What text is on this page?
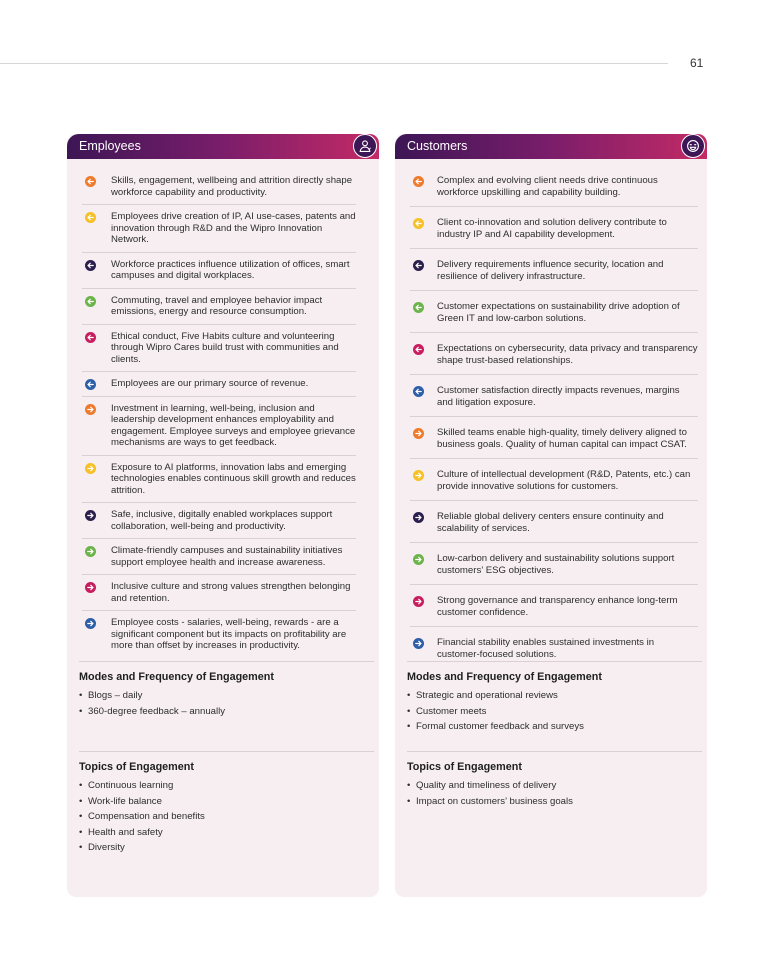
61
Employees
Skills, engagement, wellbeing and attrition directly shape workforce capability and productivity.
Employees drive creation of IP, AI use-cases, patents and innovation through R&D and the Wipro Innovation Network.
Workforce practices influence utilization of offices, smart campuses and digital workplaces.
Commuting, travel and employee behavior impact emissions, energy and resource consumption.
Ethical conduct, Five Habits culture and volunteering through Wipro Cares build trust with communities and clients.
Employees are our primary source of revenue.
Investment in learning, well-being, inclusion and leadership development enhances employability and engagement. Employee surveys and employee grievance mechanisms are ways to get feedback.
Exposure to AI platforms, innovation labs and emerging technologies enables continuous skill growth and reduces attrition.
Safe, inclusive, digitally enabled workplaces support collaboration, well-being and productivity.
Climate-friendly campuses and sustainability initiatives support employee health and increase awareness.
Inclusive culture and strong values strengthen belonging and retention.
Employee costs - salaries, well-being, rewards - are a significant component but its impacts on profitability are more than offset by increases in productivity.
Modes and Frequency of Engagement
• Blogs – daily
• 360-degree feedback – annually
Topics of Engagement
• Continuous learning
• Work-life balance
• Compensation and benefits
• Health and safety
• Diversity
Customers
Complex and evolving client needs drive continuous workforce upskilling and capability building.
Client co-innovation and solution delivery contribute to industry IP and AI capability development.
Delivery requirements influence security, location and resilience of delivery infrastructure.
Customer expectations on sustainability drive adoption of Green IT and low-carbon solutions.
Expectations on cybersecurity, data privacy and transparency shape trust-based relationships.
Customer satisfaction directly impacts revenues, margins and litigation exposure.
Skilled teams enable high-quality, timely delivery aligned to business goals. Quality of human capital can impact CSAT.
Culture of intellectual development (R&D, Patents, etc.) can provide innovative solutions for customers.
Reliable global delivery centers ensure continuity and scalability of services.
Low-carbon delivery and sustainability solutions support customers’ ESG objectives.
Strong governance and transparency enhance long-term customer confidence.
Financial stability enables sustained investments in customer-focused solutions.
Modes and Frequency of Engagement
• Strategic and operational reviews
• Customer meets
• Formal customer feedback and surveys
Topics of Engagement
• Quality and timeliness of delivery
• Impact on customers’ business goals
